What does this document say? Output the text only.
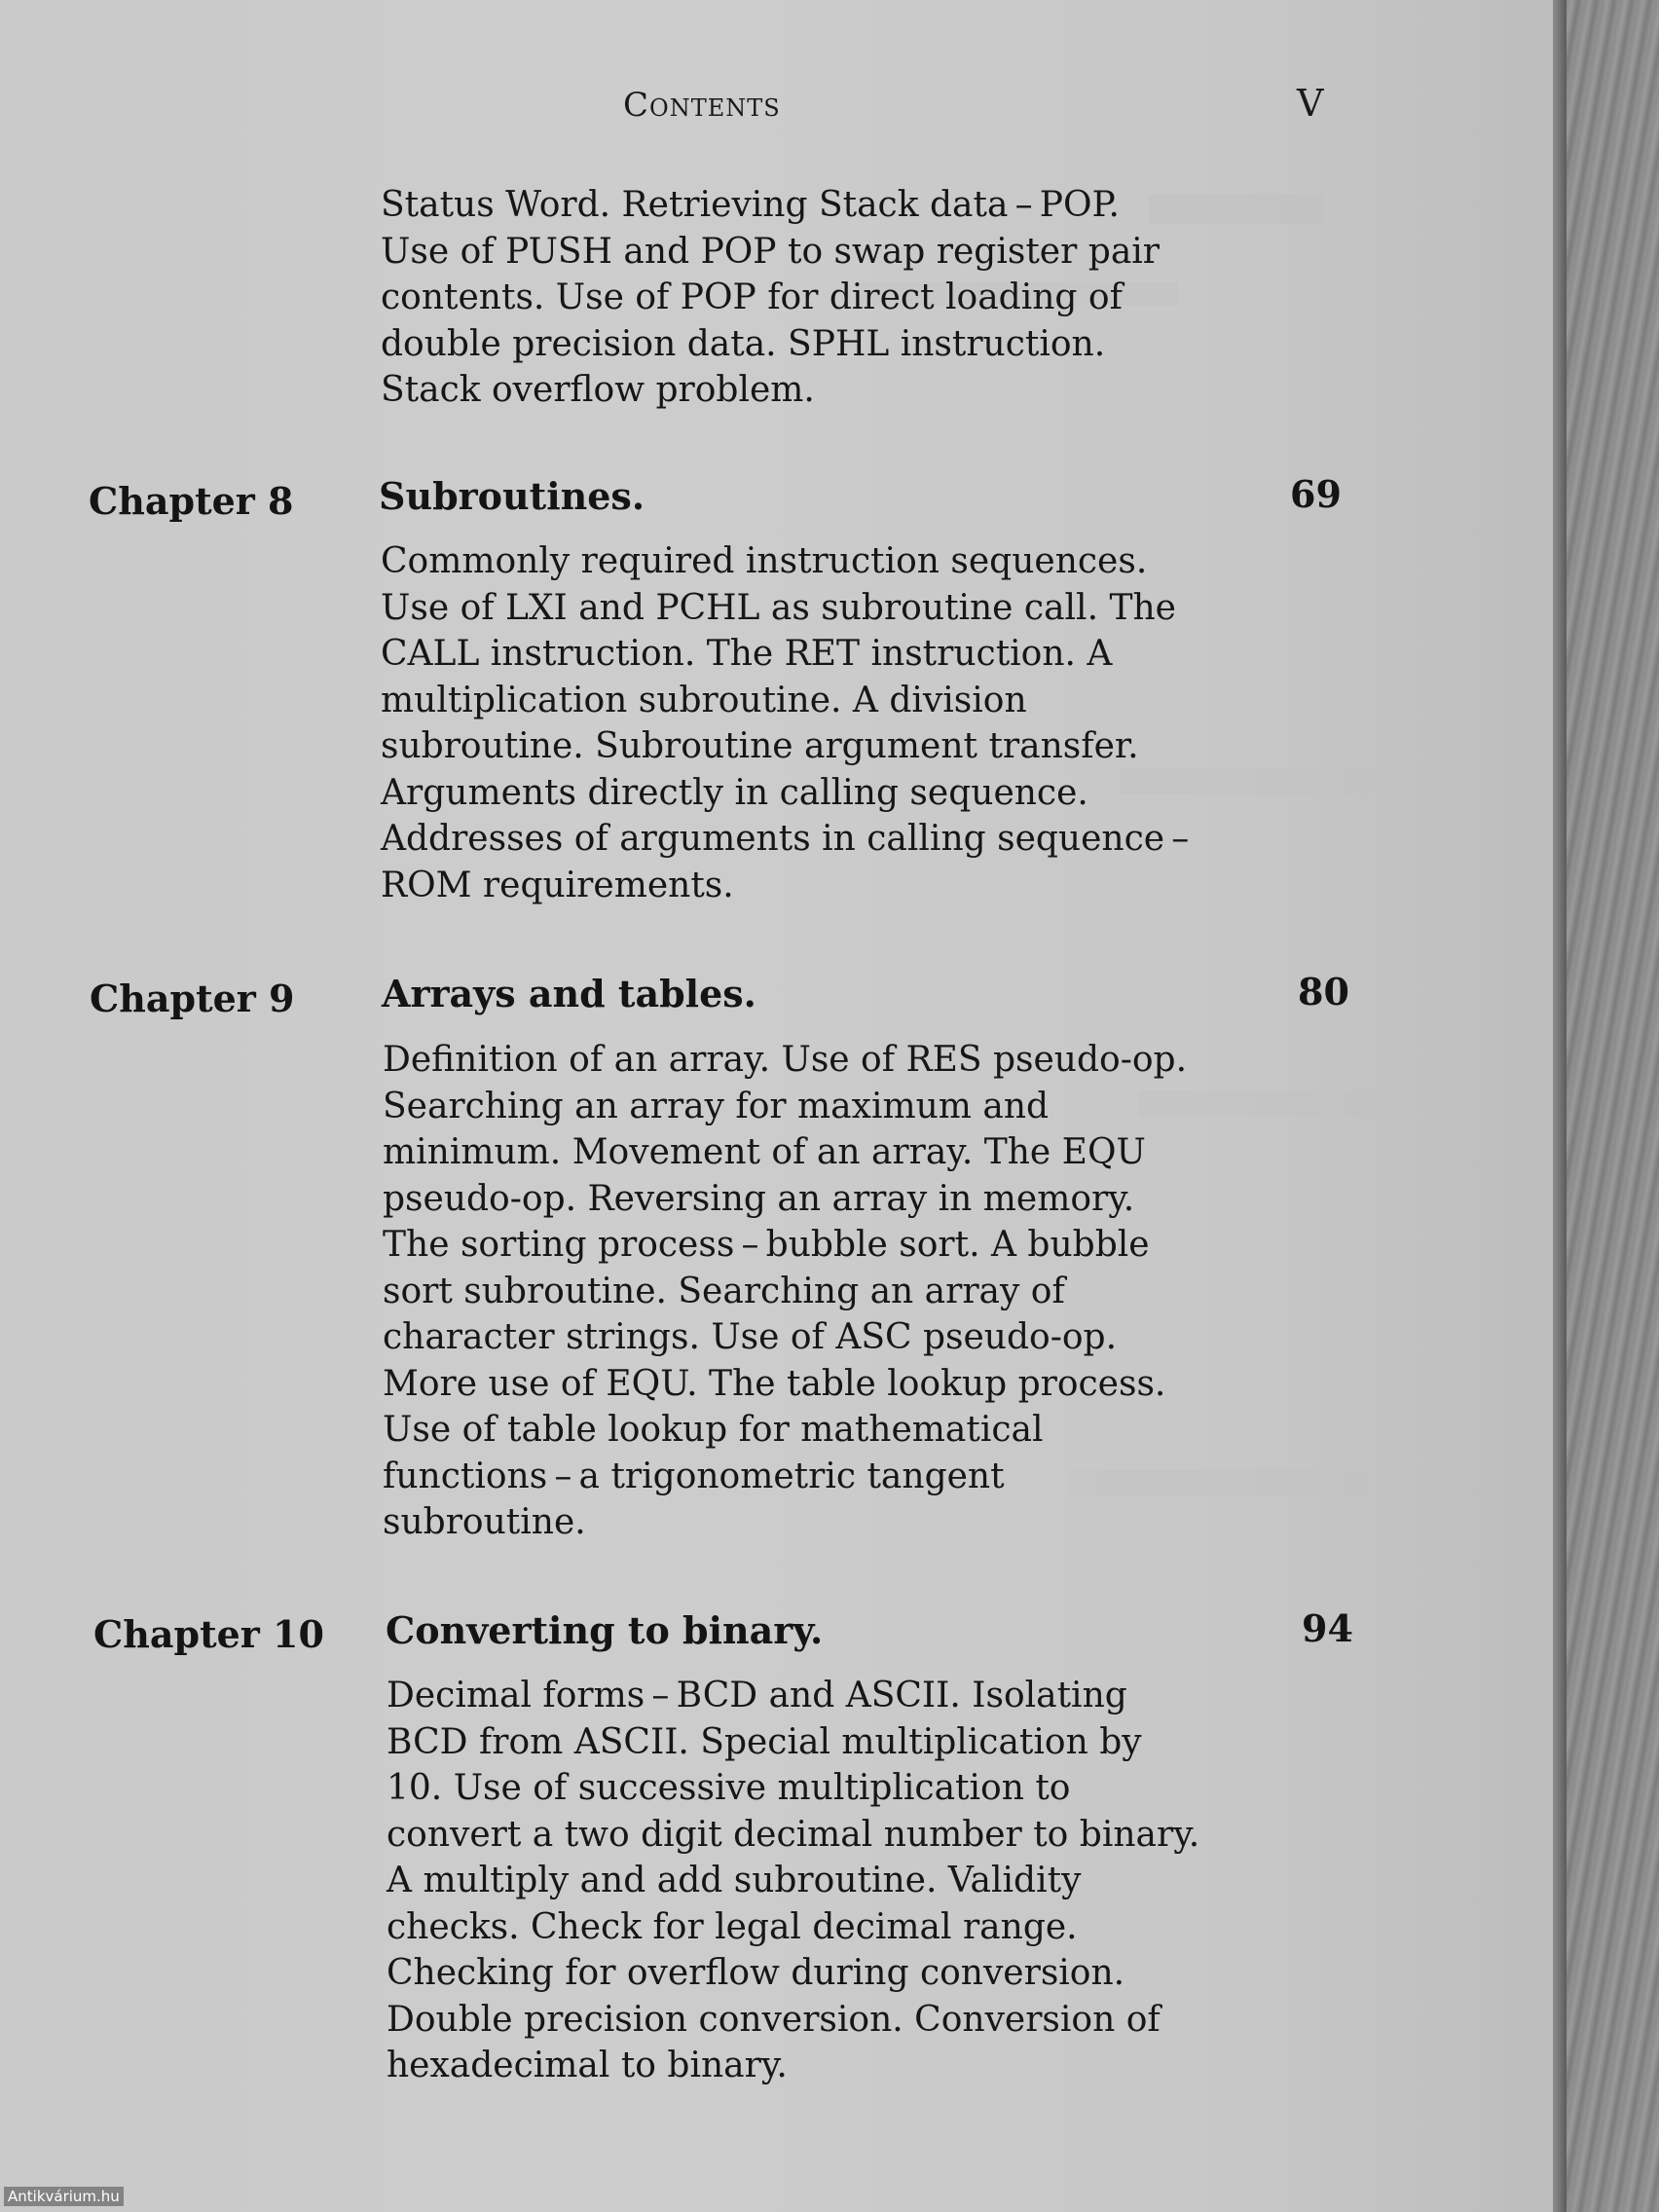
Contents	V
Status Word. Retrieving Stack data – POP.
Use of PUSH and POP to swap register pair
contents. Use of POP for direct loading of
double precision data. SPHL instruction.
Stack overflow problem.
Chapter 8 Subroutines.	69
Commonly required instruction sequences.
Use of LXI and PCHL as subroutine call. The
CALL instruction. The RET instruction. A
multiplication subroutine. A division
subroutine. Subroutine argument transfer.
Arguments directly in calling sequence.
Addresses of arguments in calling sequence –
ROM requirements.
Chapter 9 Arrays and tables.	80
Definition of an array. Use of RES pseudo-op.
Searching an array for maximum and
minimum. Movement of an array. The EQU
pseudo-op. Reversing an array in memory.
The sorting process – bubble sort. A bubble
sort subroutine. Searching an array of
character strings. Use of ASC pseudo-op.
More use of EQU. The table lookup process.
Use of table lookup for mathematical
functions – a trigonometric tangent
subroutine.
Chapter 10 Converting to binary.	94
Decimal forms – BCD and ASCII. Isolating
BCD from ASCII. Special multiplication by
10. Use of successive multiplication to
convert a two digit decimal number to binary.
A multiply and add subroutine. Validity
checks. Check for legal decimal range.
Checking for overflow during conversion.
Double precision conversion. Conversion of
hexadecimal to binary.
Antikvárium.hu
